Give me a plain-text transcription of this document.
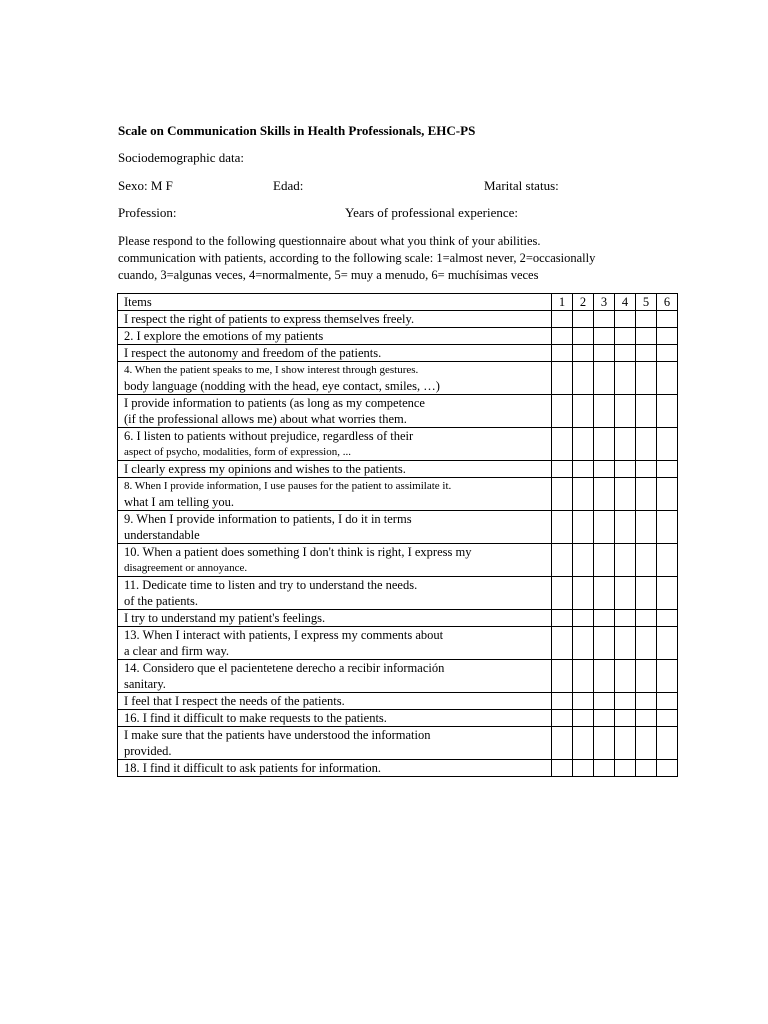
Scale on Communication Skills in Health Professionals, EHC-PS
Sociodemographic data:
Sexo: M F	Edad:	Marital status:
Profession:	Years of professional experience:
Please respond to the following questionnaire about what you think of your abilities.
communication with patients, according to the following scale: 1=almost never, 2=occasionally
cuando, 3=algunas veces, 4=normalmente, 5= muy a menudo, 6= muchísimas veces
Items	1	2	3	4	5	6

I respect the right of patients to express themselves freely.						

2. I explore the emotions of my patients						

I respect the autonomy and freedom of the patients.						

4. When the patient speaks to me, I show interest through gestures.
body language (nodding with the head, eye contact, smiles, …)						

I provide information to patients (as long as my competence
(if the professional allows me) about what worries them.						

6. I listen to patients without prejudice, regardless of their
aspect of psycho, modalities, form of expression, ...						

I clearly express my opinions and wishes to the patients.						

8. When I provide information, I use pauses for the patient to assimilate it.
what I am telling you.						

9. When I provide information to patients, I do it in terms
understandable						

10. When a patient does something I don't think is right, I express my
disagreement or annoyance.						

11. Dedicate time to listen and try to understand the needs.
of the patients.						

I try to understand my patient's feelings.						

13. When I interact with patients, I express my comments about
a clear and firm way.						

14. Considero que el pacientetene derecho a recibir información
sanitary.						

I feel that I respect the needs of the patients.						

16. I find it difficult to make requests to the patients.						

I make sure that the patients have understood the information
provided.						

18. I find it difficult to ask patients for information.						
